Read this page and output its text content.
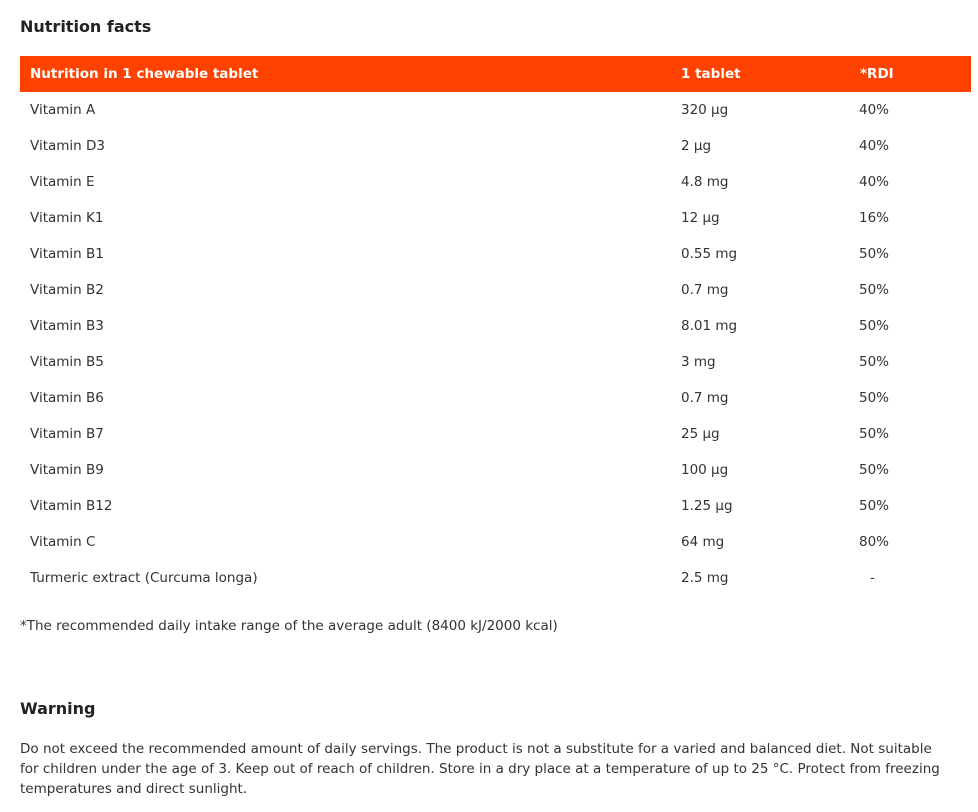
Nutrition facts
Nutrition in 1 chewable tablet	1 tablet	*RDI
Vitamin A	320 µg	40%
Vitamin D3	2 µg	40%
Vitamin E	4.8 mg	40%
Vitamin K1	12 µg	16%
Vitamin B1	0.55 mg	50%
Vitamin B2	0.7 mg	50%
Vitamin B3	8.01 mg	50%
Vitamin B5	3 mg	50%
Vitamin B6	0.7 mg	50%
Vitamin B7	25 µg	50%
Vitamin B9	100 µg	50%
Vitamin B12	1.25 µg	50%
Vitamin C	64 mg	80%
Turmeric extract (Curcuma longa)	2.5 mg	-

*The recommended daily intake range of the average adult (8400 kJ/2000 kcal)

Warning

Do not exceed the recommended amount of daily servings. The product is not a substitute for a varied and balanced diet. Not suitable for children under the age of 3. Keep out of reach of children. Store in a dry place at a temperature of up to 25 °C. Protect from freezing temperatures and direct sunlight.
